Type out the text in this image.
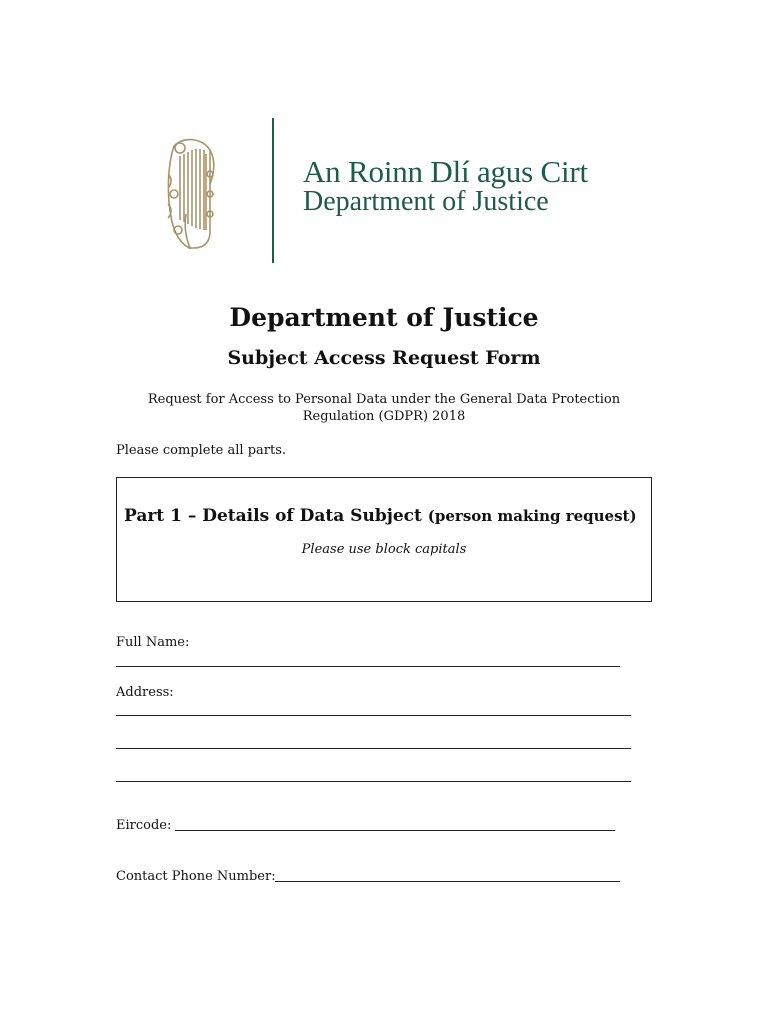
An Roinn Dlí agus Cirt
Department of Justice
Department of Justice
Subject Access Request Form

Request for Access to Personal Data under the General Data Protection Regulation (GDPR) 2018

Please complete all parts.

Part 1 – Details of Data Subject (person making request)
Please use block capitals
Full Name:
Address:
Eircode:
Contact Phone Number:
